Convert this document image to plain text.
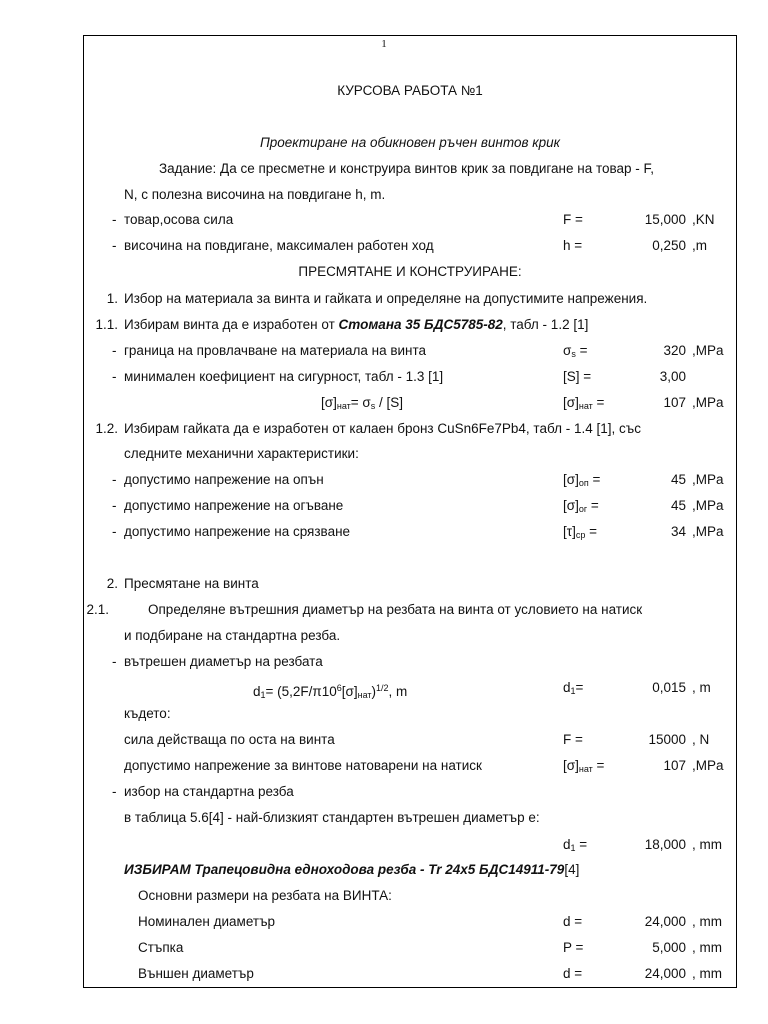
1
КУРСОВА РАБОТА №1
Проектиране на обикновен ръчен винтов крик
Задание: Да се пресметне и конструира винтов крик за повдигане на товар - F,
N, с полезна височина на повдигане h, m.
- товар,осова сила	F =	15,000 ,KN
- височина на повдигане, максимален работен ход	h =	0,250 ,m
ПРЕСМЯТАНЕ И КОНСТРУИРАНЕ:
1. Избор на материала за винта и гайката и определяне на допустимите напрежения.
1.1. Избирам винта да е изработен от Стомана 35 БДС5785-82, табл - 1.2 [1]
- граница на провлачване на материала на винта	$\sigma_s$ =	320 ,MPa
- минимален коефициент на сигурност, табл - 1.3 [1]	[S] =	3,00
$[\sigma]_{нат}= \sigma_s / [S]$	$[\sigma]_{нат}$ =	107 ,MPa
1.2. Избирам гайката да е изработен от калаен бронз CuSn6Fe7Pb4, табл - 1.4 [1], със
следните механични характеристики:
- допустимо напрежение на опън	$[\sigma]_{оп}$ =	45 ,MPa
- допустимо напрежение на огъване	$[\sigma]_{ог}$ =	45 ,MPa
- допустимо напрежение на срязване	$[\tau]_{ср}$ =	34 ,MPa
2. Пресмятане на винта
2.1.	Определяне вътрешния диаметър на резбата на винта от условието на натиск
и подбиране на стандартна резба.
- вътрешен диаметър на резбата
$d_1= (5,2F/\pi 10^6[\sigma]_{нат})^{1/2}$, m	$d_1=$	0,015 , m
където:
сила действаща по оста на винта	F =	15000 , N
допустимо напрежение за винтове натоварени на натиск	$[\sigma]_{нат}$ =	107 ,MPa
- избор на стандартна резба
в таблица 5.6[4] - най-близкият стандартен вътрешен диаметър е:
$d_1$ =	18,000 , mm
ИЗБИРАМ Трапецовидна едноходова резба - Tr 24x5 БДС14911-79[4]
Основни размери на резбата на ВИНТА:
Номинален диаметър	d =	24,000 , mm
Стъпка	P =	5,000 , mm
Външен диаметър	d =	24,000 , mm
